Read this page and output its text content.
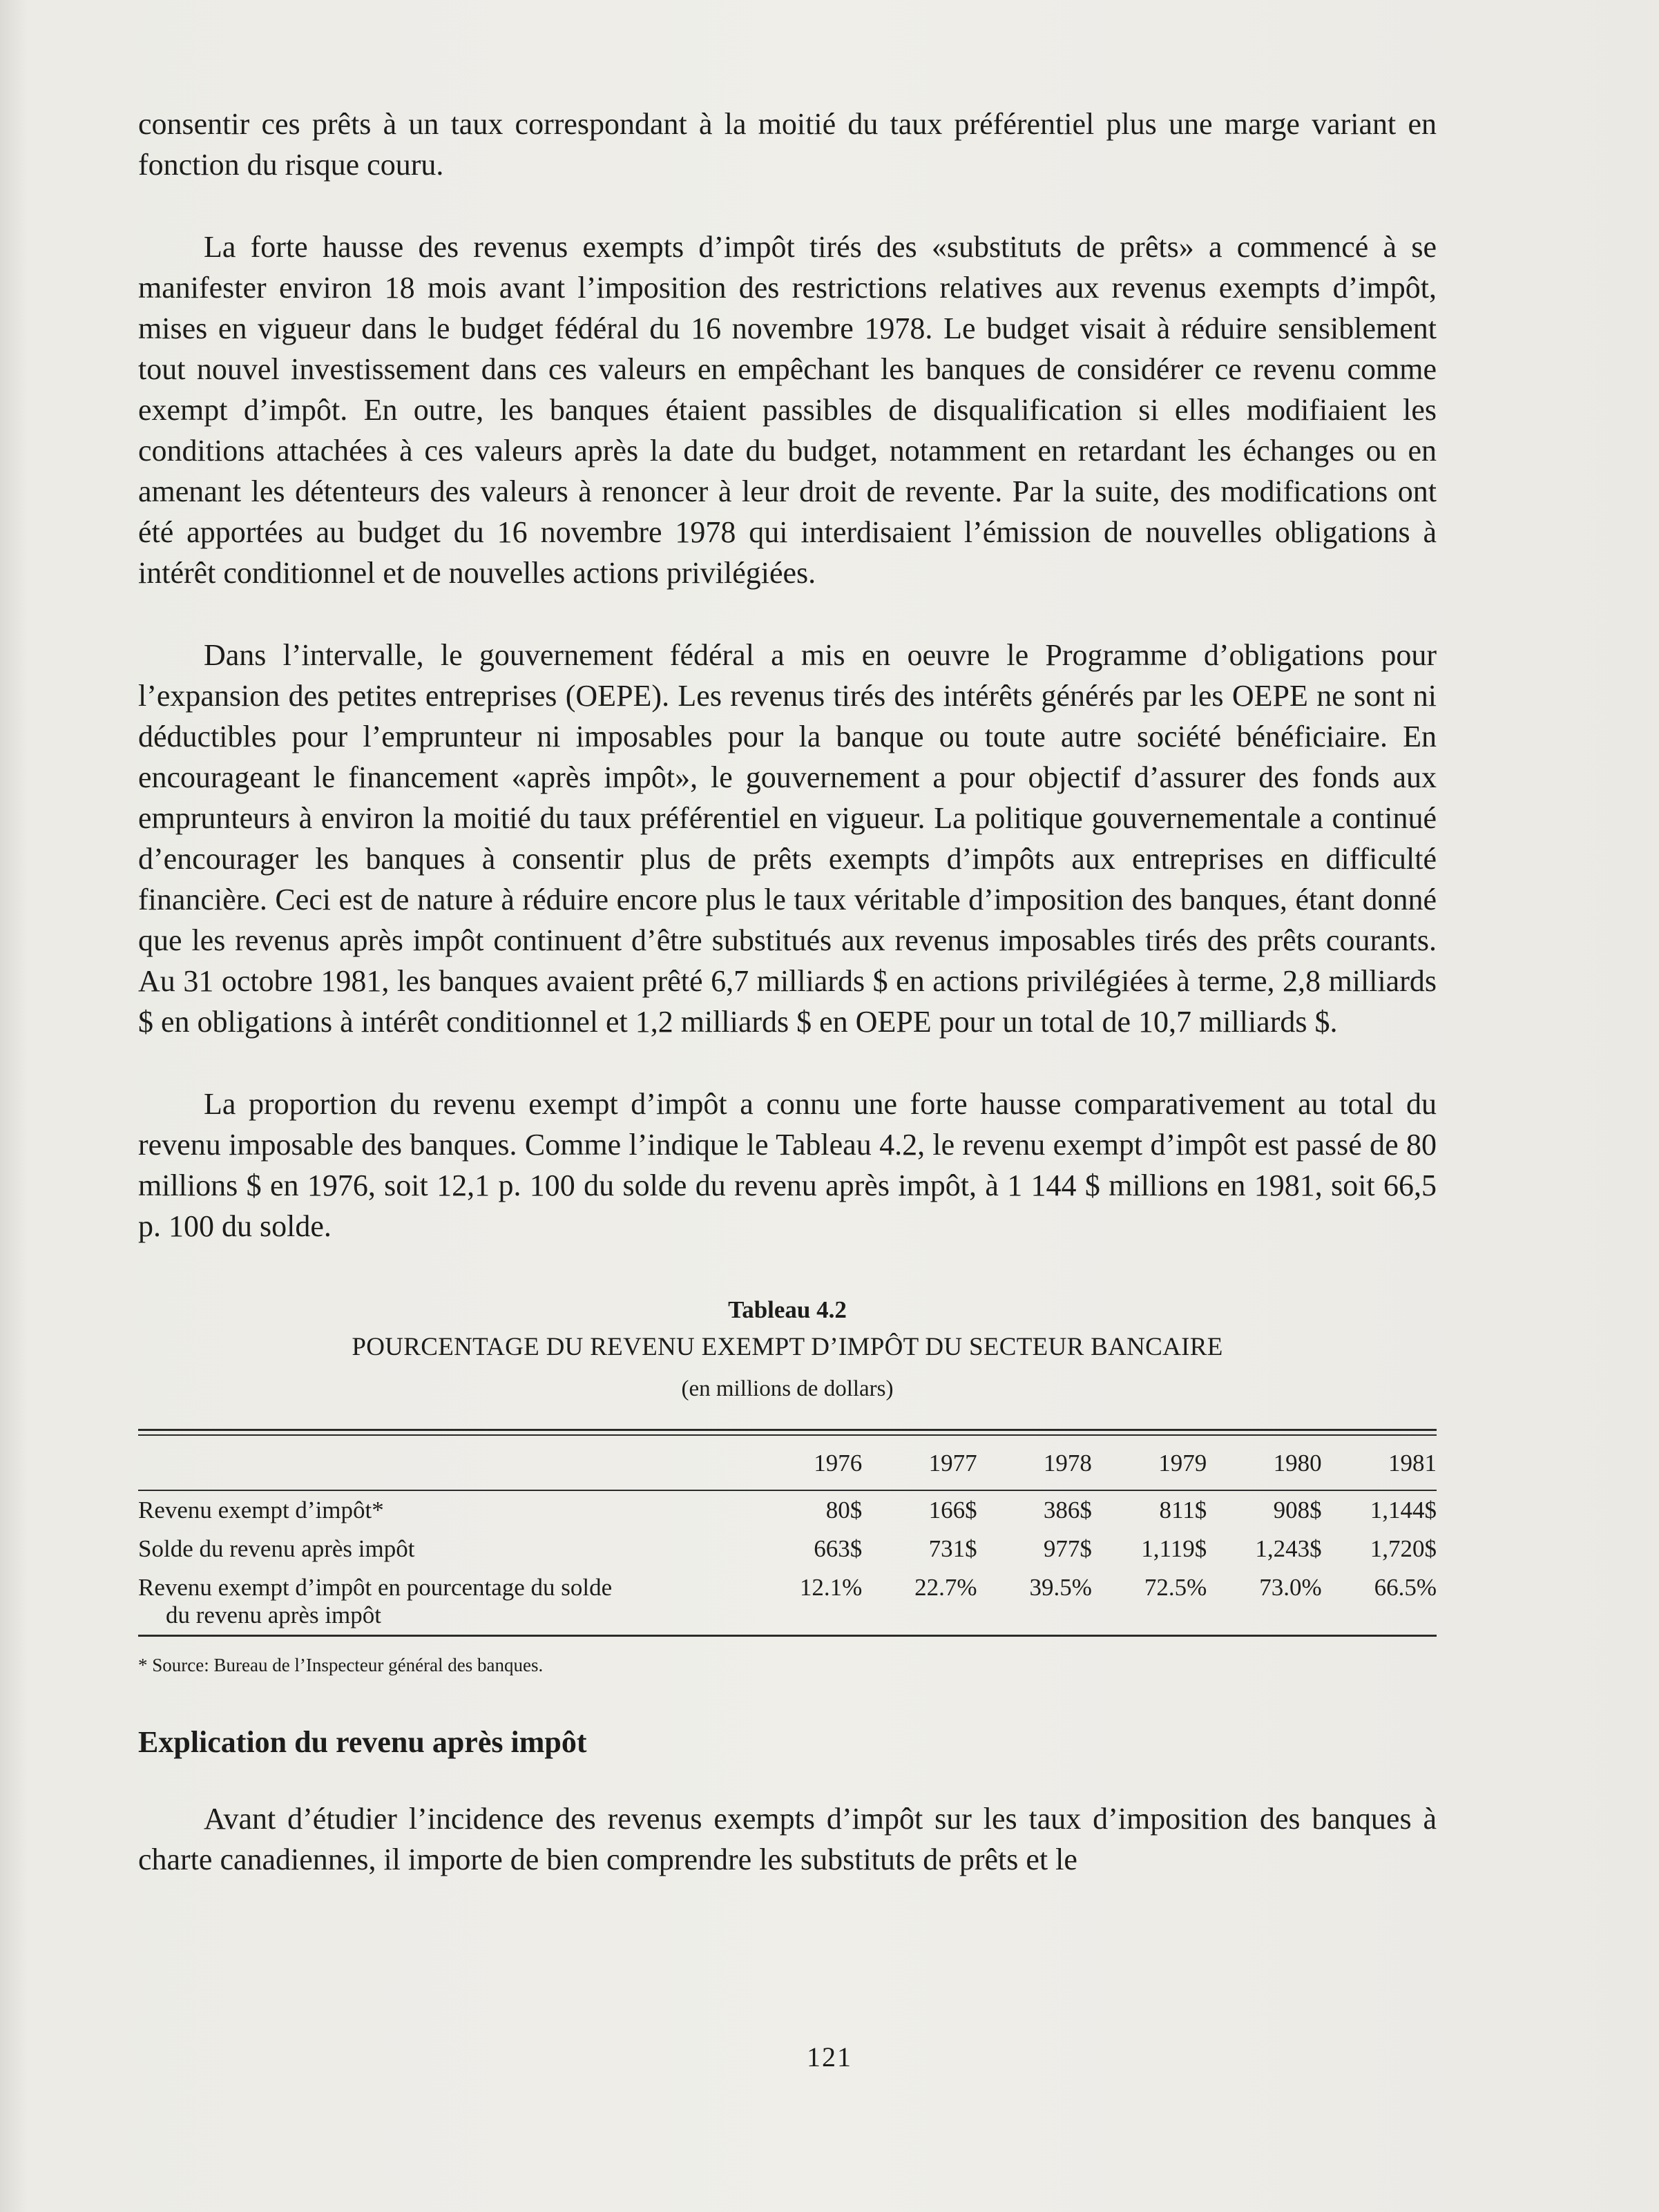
consentir ces prêts à un taux correspondant à la moitié du taux préférentiel plus une marge variant en fonction du risque couru.

La forte hausse des revenus exempts d’impôt tirés des «substituts de prêts» a commencé à se manifester environ 18 mois avant l’imposition des restrictions relatives aux revenus exempts d’impôt, mises en vigueur dans le budget fédéral du 16 novembre 1978. Le budget visait à réduire sensiblement tout nouvel investissement dans ces valeurs en empêchant les banques de considérer ce revenu comme exempt d’impôt. En outre, les banques étaient passibles de disqualification si elles modifiaient les conditions attachées à ces valeurs après la date du budget, notamment en retardant les échanges ou en amenant les détenteurs des valeurs à renoncer à leur droit de revente. Par la suite, des modifications ont été apportées au budget du 16 novembre 1978 qui interdisaient l’émission de nouvelles obligations à intérêt conditionnel et de nouvelles actions privilégiées.

Dans l’intervalle, le gouvernement fédéral a mis en oeuvre le Programme d’obligations pour l’expansion des petites entreprises (OEPE). Les revenus tirés des intérêts générés par les OEPE ne sont ni déductibles pour l’emprunteur ni imposables pour la banque ou toute autre société bénéficiaire. En encourageant le financement «après impôt», le gouvernement a pour objectif d’assurer des fonds aux emprunteurs à environ la moitié du taux préférentiel en vigueur. La politique gouvernementale a continué d’encourager les banques à consentir plus de prêts exempts d’impôts aux entreprises en difficulté financière. Ceci est de nature à réduire encore plus le taux véritable d’imposition des banques, étant donné que les revenus après impôt continuent d’être substitués aux revenus imposables tirés des prêts courants. Au 31 octobre 1981, les banques avaient prêté 6,7 milliards $ en actions privilégiées à terme, 2,8 milliards $ en obligations à intérêt conditionnel et 1,2 milliards $ en OEPE pour un total de 10,7 milliards $.

La proportion du revenu exempt d’impôt a connu une forte hausse comparativement au total du revenu imposable des banques. Comme l’indique le Tableau 4.2, le revenu exempt d’impôt est passé de 80 millions $ en 1976, soit 12,1 p. 100 du solde du revenu après impôt, à 1 144 $ millions en 1981, soit 66,5 p. 100 du solde.

Tableau 4.2
POURCENTAGE DU REVENU EXEMPT D’IMPÔT DU SECTEUR BANCAIRE
(en millions de dollars)
	1976	1977	1978	1979	1980	1981
Revenu exempt d’impôt*	80$	166$	386$	811$	908$	1,144$
Solde du revenu après impôt	663$	731$	977$	1,119$	1,243$	1,720$
Revenu exempt d’impôt en pourcentage du solde
du revenu après impôt	12.1%	22.7%	39.5%	72.5%	73.0%	66.5%
* Source: Bureau de l’Inspecteur général des banques.
Explication du revenu après impôt

Avant d’étudier l’incidence des revenus exempts d’impôt sur les taux d’imposition des banques à charte canadiennes, il importe de bien comprendre les substituts de prêts et le

121
